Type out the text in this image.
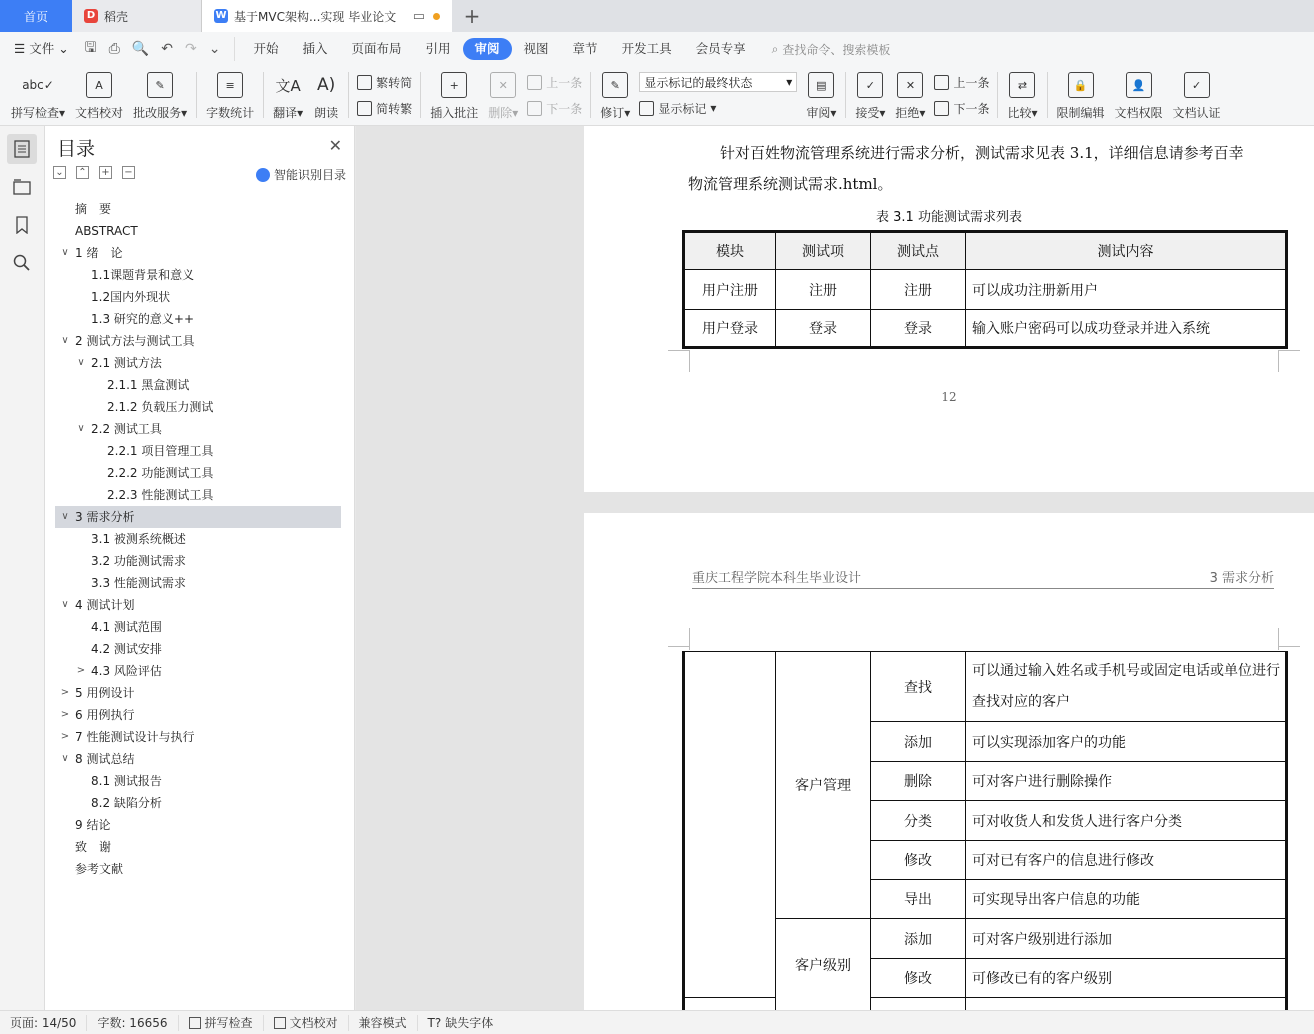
首页	D 稻壳	W 基于MVC架构...实现 毕业论文 ▭	+
☰ 文件 ⌄	🖫 ⎙ 🔍 ↶ ↷ ⌄	开始	插入	页面布局	引用	审阅	视图	章节	开发工具	会员专享	⌕ 查找命令、搜索模板
abc✓
拼写检查▾
A
文档校对
✎
批改服务▾
≡
字数统计
文A
翻译▾
A)
朗读
繁转简
简转繁
+
插入批注
✕
删除▾
上一条
下一条
✎
修订▾
显示标记的最终状态	▾
显示标记 ▾
▤
审阅▾
✓
接受▾
✕
拒绝▾
上一条
下一条
⇄
比较▾
🔒
限制编辑
👤
文档权限
✓
文档认证
目录	✕
⌄ ⌃ + −	智能识别目录
摘　要
ABSTRACT
∨ 1 绪　论
1.1课题背景和意义
1.2国内外现状
1.3 研究的意义++
∨ 2 测试方法与测试工具
∨ 2.1 测试方法
2.1.1 黑盒测试
2.1.2 负载压力测试
∨ 2.2 测试工具
2.2.1 项目管理工具
2.2.2 功能测试工具
2.2.3 性能测试工具
∨ 3 需求分析
3.1 被测系统概述
3.2 功能测试需求
3.3 性能测试需求
∨ 4 测试计划
4.1 测试范围
4.2 测试安排
> 4.3 风险评估
> 5 用例设计
> 6 用例执行
> 7 性能测试设计与执行
∨ 8 测试总结
8.1 测试报告
8.2 缺陷分析
9 结论
致　谢
参考文献
针对百姓物流管理系统进行需求分析，测试需求见表 3.1，详细信息请参考百幸
物流管理系统测试需求.html。
表 3.1 功能测试需求列表
模块	测试项	测试点	测试内容
用户注册	注册	注册	可以成功注册新用户
用户登录	登录	登录	输入账户密码可以成功登录并进入系统
12
重庆工程学院本科生毕业设计	3 需求分析
	客户管理	查找	可以通过输入姓名或手机号或固定电话或单位进行
查找对应的客户
		添加	可以实现添加客户的功能
		删除	可对客户进行删除操作
		分类	可对收货人和发货人进行客户分类
		修改	可对已有客户的信息进行修改
		导出	可实现导出客户信息的功能
	客户级别	添加	可对客户级别进行添加
		修改	可修改已有的客户级别

页面: 14/50 字数: 16656	拼写检查	文档校对 兼容模式 T? 缺失字体
